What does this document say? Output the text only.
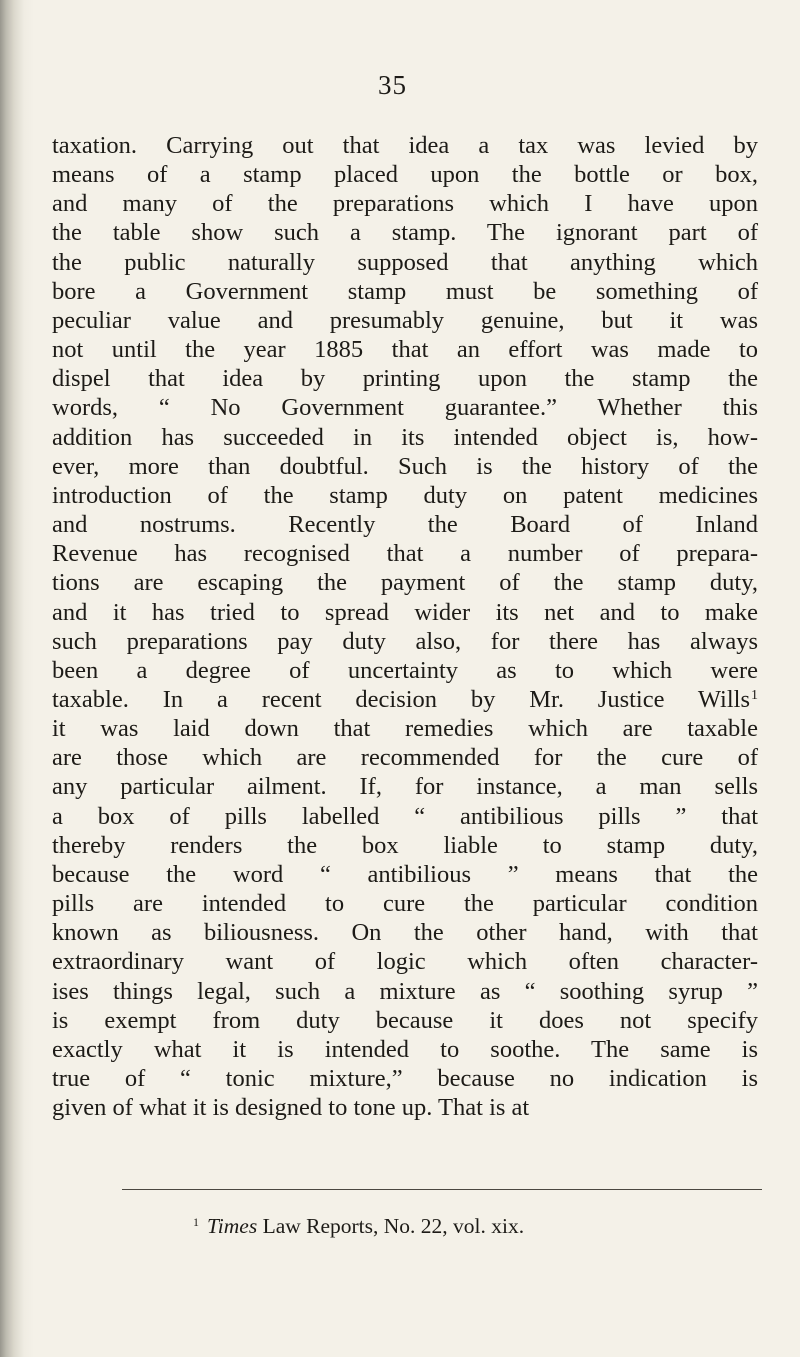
35
taxation. Carrying out that idea a tax was levied by
means of a stamp placed upon the bottle or box,
and many of the preparations which I have upon
the table show such a stamp. The ignorant part of
the public naturally supposed that anything which
bore a Government stamp must be something of
peculiar value and presumably genuine, but it was
not until the year 1885 that an effort was made to
dispel that idea by printing upon the stamp the
words, “ No Government guarantee.” Whether this
addition has succeeded in its intended object is, how-
ever, more than doubtful. Such is the history of the
introduction of the stamp duty on patent medicines
and nostrums. Recently the Board of Inland
Revenue has recognised that a number of prepara-
tions are escaping the payment of the stamp duty,
and it has tried to spread wider its net and to make
such preparations pay duty also, for there has always
been a degree of uncertainty as to which were
taxable. In a recent decision by Mr. Justice Wills$^1$
it was laid down that remedies which are taxable
are those which are recommended for the cure of
any particular ailment. If, for instance, a man sells
a box of pills labelled “ antibilious pills ” that
thereby renders the box liable to stamp duty,
because the word “ antibilious ” means that the
pills are intended to cure the particular condition
known as biliousness. On the other hand, with that
extraordinary want of logic which often character-
ises things legal, such a mixture as “ soothing syrup ”
is exempt from duty because it does not specify
exactly what it is intended to soothe. The same is
true of “ tonic mixture,” because no indication is
given of what it is designed to tone up. That is at
$^1$ Times Law Reports, No. 22, vol. xix.
